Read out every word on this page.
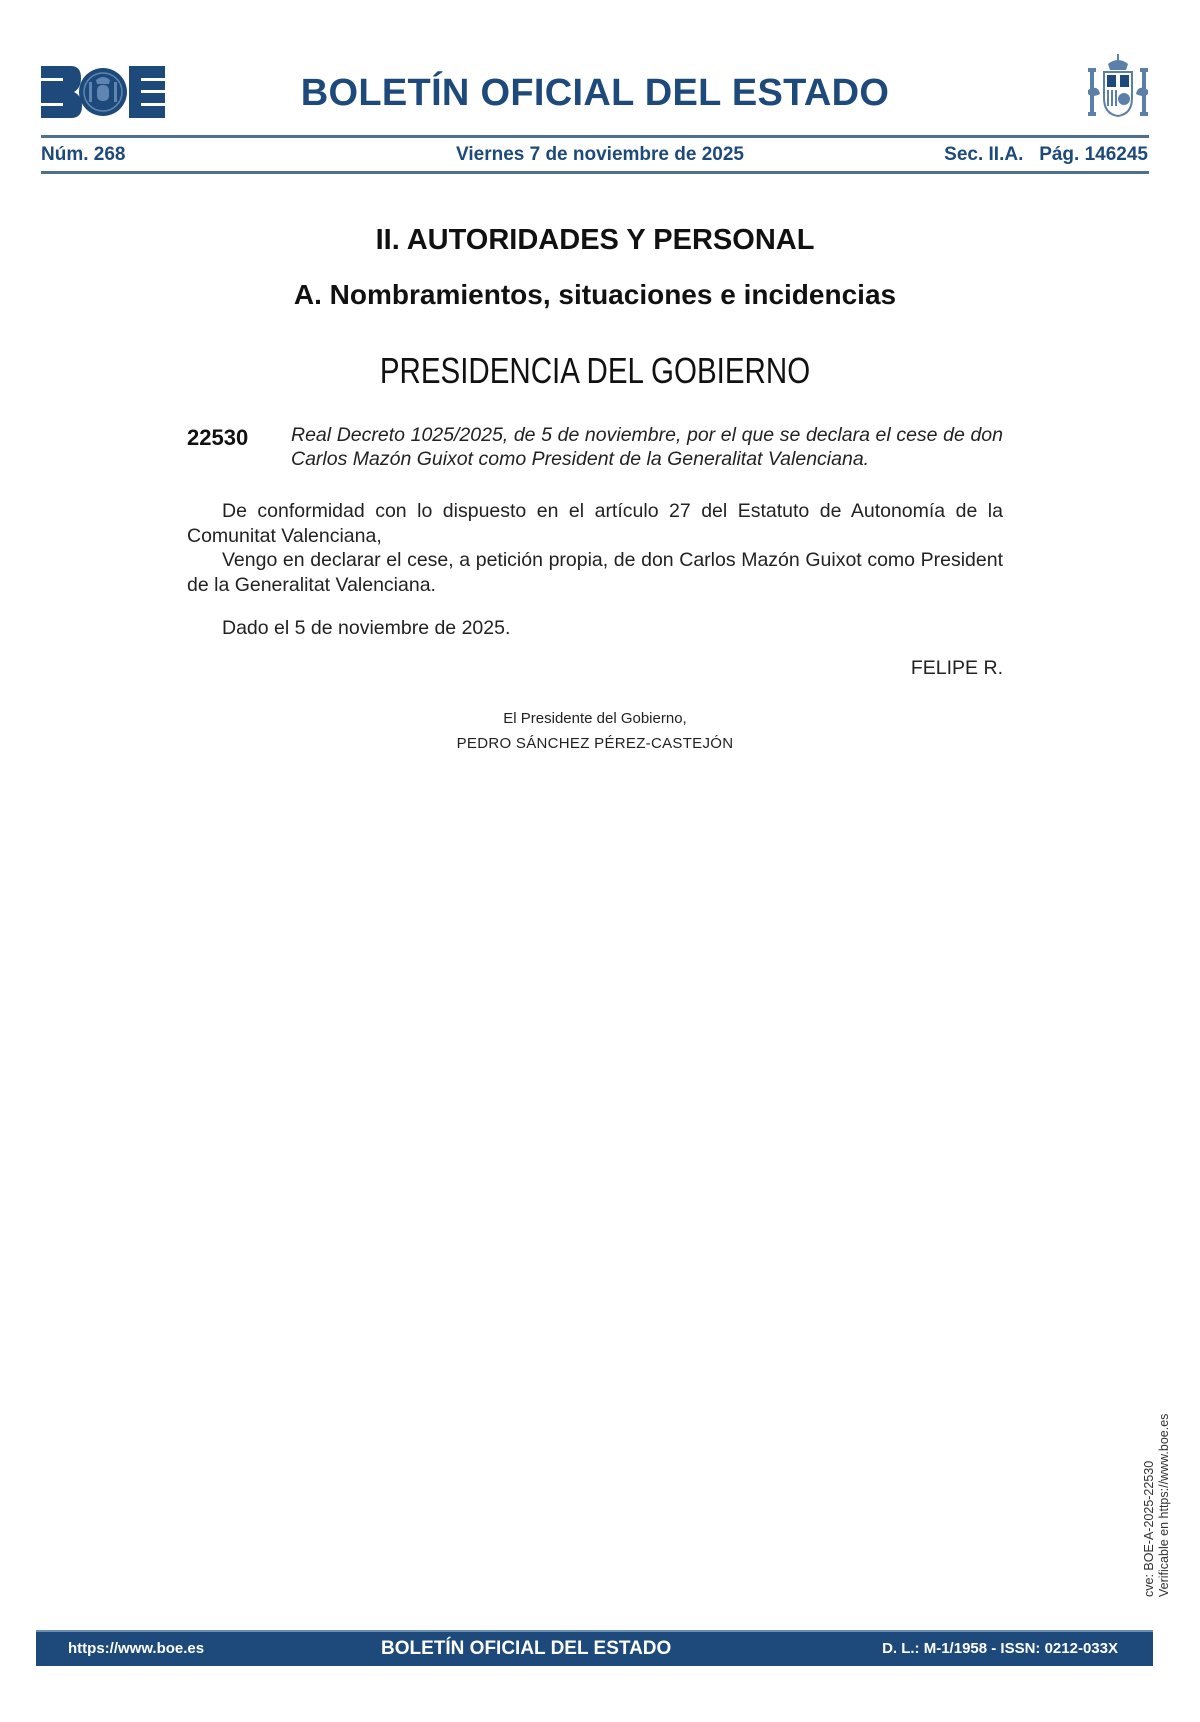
BOLETÍN OFICIAL DEL ESTADO
Núm. 268	Viernes 7 de noviembre de 2025	Sec. II.A.   Pág. 146245
II. AUTORIDADES Y PERSONAL
A. Nombramientos, situaciones e incidencias
PRESIDENCIA DEL GOBIERNO
22530 Real Decreto 1025/2025, de 5 de noviembre, por el que se declara el cese de don Carlos Mazón Guixot como President de la Generalitat Valenciana.
De conformidad con lo dispuesto en el artículo 27 del Estatuto de Autonomía de la Comunitat Valenciana,
Vengo en declarar el cese, a petición propia, de don Carlos Mazón Guixot como President de la Generalitat Valenciana.
Dado el 5 de noviembre de 2025.
FELIPE R.
El Presidente del Gobierno,
PEDRO SÁNCHEZ PÉREZ-CASTEJÓN
cve: BOE-A-2025-22530 Verificable en https://www.boe.es
https://www.boe.es	BOLETÍN OFICIAL DEL ESTADO	D. L.: M-1/1958 - ISSN: 0212-033X
